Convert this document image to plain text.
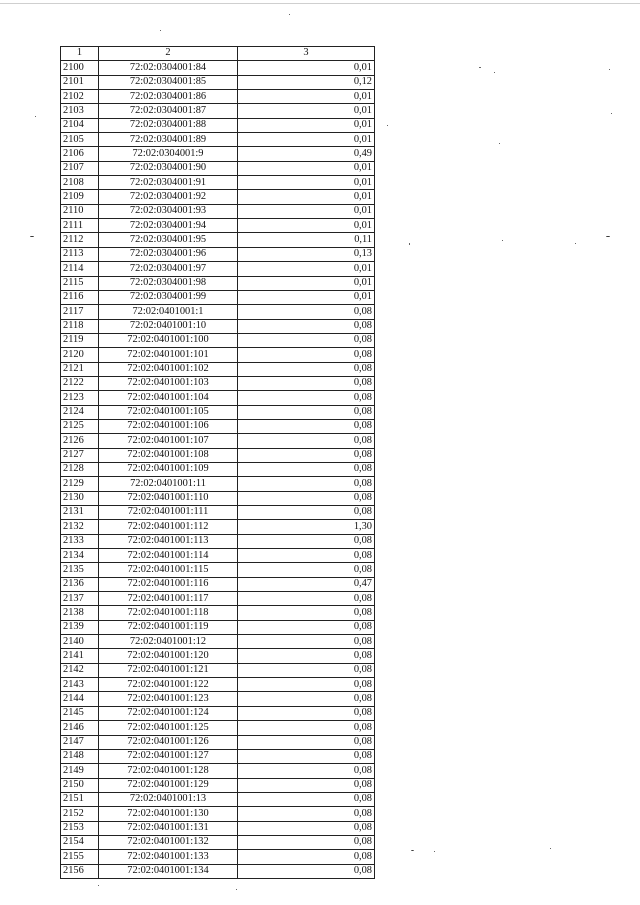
1	2	3
2100	72:02:0304001:84	0,01
2101	72:02:0304001:85	0,12
2102	72:02:0304001:86	0,01
2103	72:02:0304001:87	0,01
2104	72:02:0304001:88	0,01
2105	72:02:0304001:89	0,01
2106	72:02:0304001:9	0,49
2107	72:02:0304001:90	0,01
2108	72:02:0304001:91	0,01
2109	72:02:0304001:92	0,01
2110	72:02:0304001:93	0,01
2111	72:02:0304001:94	0,01
2112	72:02:0304001:95	0,11
2113	72:02:0304001:96	0,13
2114	72:02:0304001:97	0,01
2115	72:02:0304001:98	0,01
2116	72:02:0304001:99	0,01
2117	72:02:0401001:1	0,08
2118	72:02:0401001:10	0,08
2119	72:02:0401001:100	0,08
2120	72:02:0401001:101	0,08
2121	72:02:0401001:102	0,08
2122	72:02:0401001:103	0,08
2123	72:02:0401001:104	0,08
2124	72:02:0401001:105	0,08
2125	72:02:0401001:106	0,08
2126	72:02:0401001:107	0,08
2127	72:02:0401001:108	0,08
2128	72:02:0401001:109	0,08
2129	72:02:0401001:11	0,08
2130	72:02:0401001:110	0,08
2131	72:02:0401001:111	0,08
2132	72:02:0401001:112	1,30
2133	72:02:0401001:113	0,08
2134	72:02:0401001:114	0,08
2135	72:02:0401001:115	0,08
2136	72:02:0401001:116	0,47
2137	72:02:0401001:117	0,08
2138	72:02:0401001:118	0,08
2139	72:02:0401001:119	0,08
2140	72:02:0401001:12	0,08
2141	72:02:0401001:120	0,08
2142	72:02:0401001:121	0,08
2143	72:02:0401001:122	0,08
2144	72:02:0401001:123	0,08
2145	72:02:0401001:124	0,08
2146	72:02:0401001:125	0,08
2147	72:02:0401001:126	0,08
2148	72:02:0401001:127	0,08
2149	72:02:0401001:128	0,08
2150	72:02:0401001:129	0,08
2151	72:02:0401001:13	0,08
2152	72:02:0401001:130	0,08
2153	72:02:0401001:131	0,08
2154	72:02:0401001:132	0,08
2155	72:02:0401001:133	0,08
2156	72:02:0401001:134	0,08
